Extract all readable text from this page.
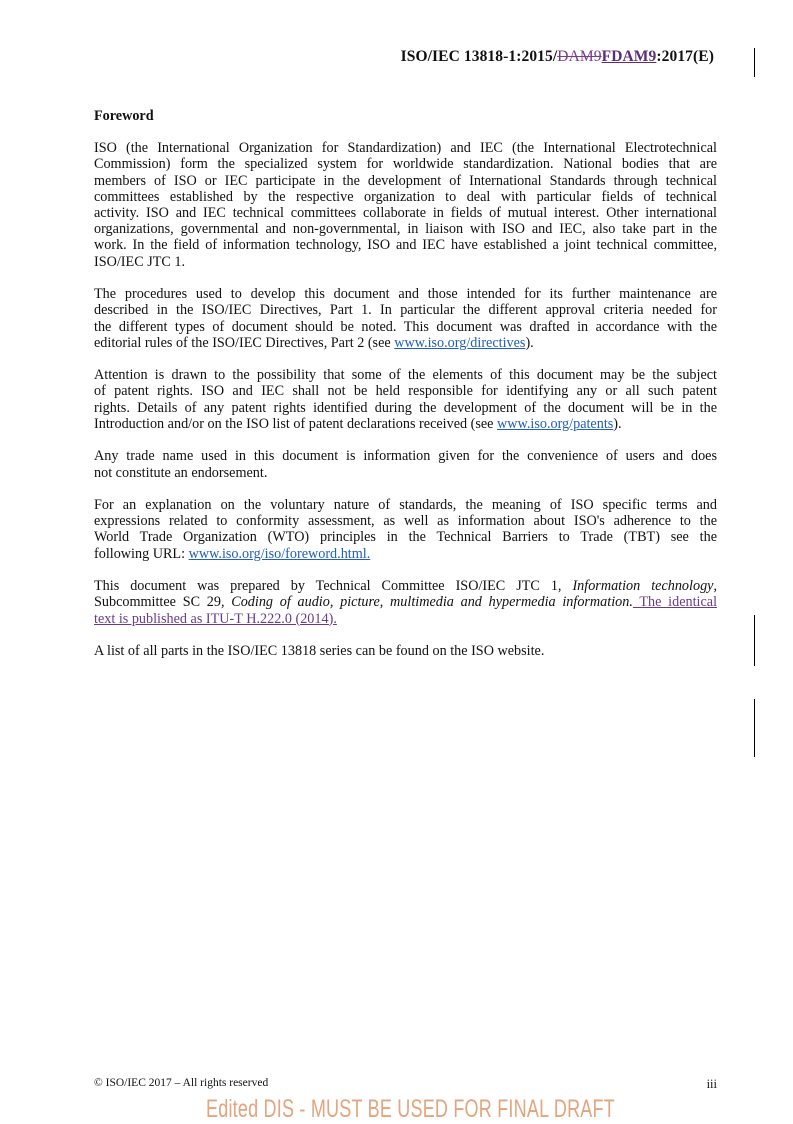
ISO/IEC 13818-1:2015/DAM9FDAM9:2017(E)
Foreword
ISO (the International Organization for Standardization) and IEC (the International Electrotechnical
Commission) form the specialized system for worldwide standardization. National bodies that are
members of ISO or IEC participate in the development of International Standards through technical
committees established by the respective organization to deal with particular fields of technical
activity. ISO and IEC technical committees collaborate in fields of mutual interest. Other international
organizations, governmental and non-governmental, in liaison with ISO and IEC, also take part in the
work. In the field of information technology, ISO and IEC have established a joint technical committee,
ISO/IEC JTC 1.
The procedures used to develop this document and those intended for its further maintenance are
described in the ISO/IEC Directives, Part 1. In particular the different approval criteria needed for
the different types of document should be noted. This document was drafted in accordance with the
editorial rules of the ISO/IEC Directives, Part 2 (see www.iso.org/directives).
Attention is drawn to the possibility that some of the elements of this document may be the subject
of patent rights. ISO and IEC shall not be held responsible for identifying any or all such patent
rights. Details of any patent rights identified during the development of the document will be in the
Introduction and/or on the ISO list of patent declarations received (see www.iso.org/patents).
Any trade name used in this document is information given for the convenience of users and does
not constitute an endorsement.
For an explanation on the voluntary nature of standards, the meaning of ISO specific terms and
expressions related to conformity assessment, as well as information about ISO's adherence to the
World Trade Organization (WTO) principles in the Technical Barriers to Trade (TBT) see the
following URL: www.iso.org/iso/foreword.html.
This document was prepared by Technical Committee ISO/IEC JTC 1, Information technology,
Subcommittee SC 29, Coding of audio, picture, multimedia and hypermedia information. The identical
text is published as ITU-T H.222.0 (2014).
A list of all parts in the ISO/IEC 13818 series can be found on the ISO website.
© ISO/IEC 2017 – All rights reserved	iii
Edited DIS - MUST BE USED FOR FINAL DRAFT
